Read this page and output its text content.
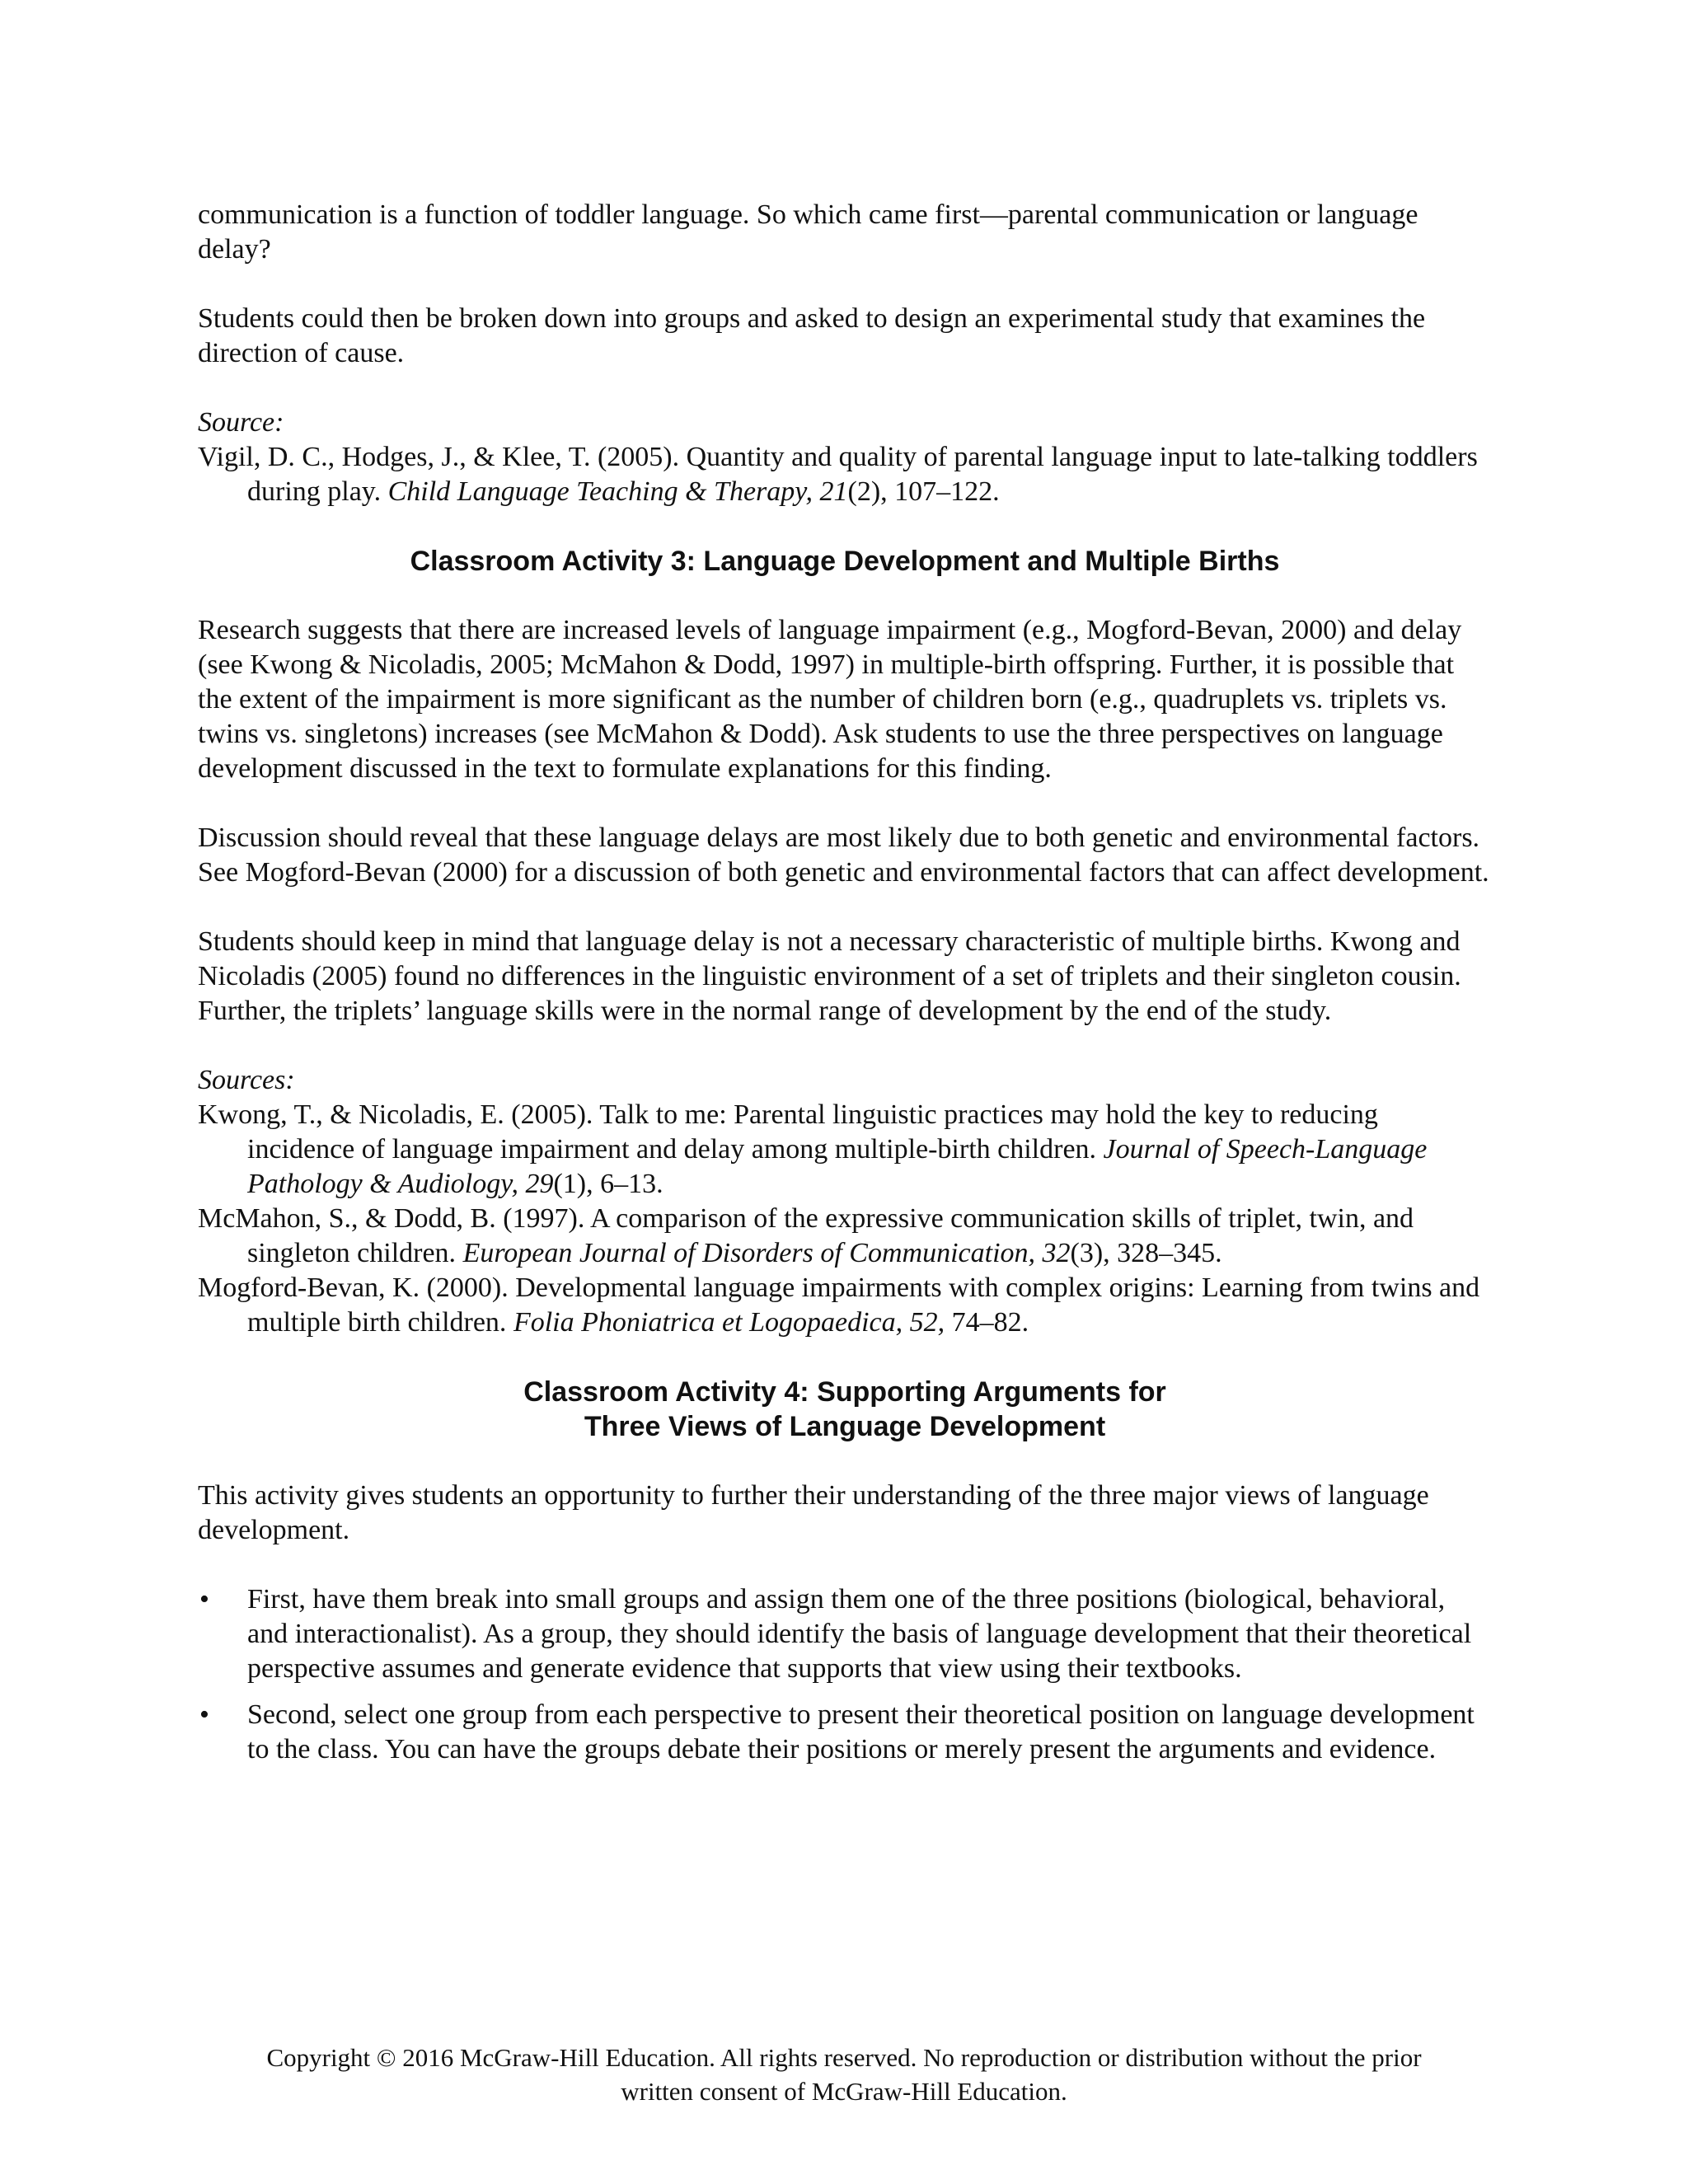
communication is a function of toddler language. So which came first—parental communication or language delay?

Students could then be broken down into groups and asked to design an experimental study that examines the direction of cause.

Source:

Vigil, D. C., Hodges, J., & Klee, T. (2005). Quantity and quality of parental language input to late-talking toddlers during play. Child Language Teaching & Therapy, 21(2), 107–122.

Classroom Activity 3: Language Development and Multiple Births

Research suggests that there are increased levels of language impairment (e.g., Mogford-Bevan, 2000) and delay (see Kwong & Nicoladis, 2005; McMahon & Dodd, 1997) in multiple-birth offspring. Further, it is possible that the extent of the impairment is more significant as the number of children born (e.g., quadruplets vs. triplets vs. twins vs. singletons) increases (see McMahon & Dodd). Ask students to use the three perspectives on language development discussed in the text to formulate explanations for this finding.

Discussion should reveal that these language delays are most likely due to both genetic and environmental factors. See Mogford-Bevan (2000) for a discussion of both genetic and environmental factors that can affect development.

Students should keep in mind that language delay is not a necessary characteristic of multiple births. Kwong and Nicoladis (2005) found no differences in the linguistic environment of a set of triplets and their singleton cousin. Further, the triplets’ language skills were in the normal range of development by the end of the study.

Sources:

Kwong, T., & Nicoladis, E. (2005). Talk to me: Parental linguistic practices may hold the key to reducing incidence of language impairment and delay among multiple-birth children. Journal of Speech-Language Pathology & Audiology, 29(1), 6–13.

McMahon, S., & Dodd, B. (1997). A comparison of the expressive communication skills of triplet, twin, and singleton children. European Journal of Disorders of Communication, 32(3), 328–345.

Mogford-Bevan, K. (2000). Developmental language impairments with complex origins: Learning from twins and multiple birth children. Folia Phoniatrica et Logopaedica, 52, 74–82.

Classroom Activity 4: Supporting Arguments for
Three Views of Language Development

This activity gives students an opportunity to further their understanding of the three major views of language development.

• First, have them break into small groups and assign them one of the three positions (biological, behavioral, and interactionalist). As a group, they should identify the basis of language development that their theoretical perspective assumes and generate evidence that supports that view using their textbooks.
• Second, select one group from each perspective to present their theoretical position on language development to the class. You can have the groups debate their positions or merely present the arguments and evidence.
Copyright © 2016 McGraw-Hill Education. All rights reserved. No reproduction or distribution without the prior
written consent of McGraw-Hill Education.
